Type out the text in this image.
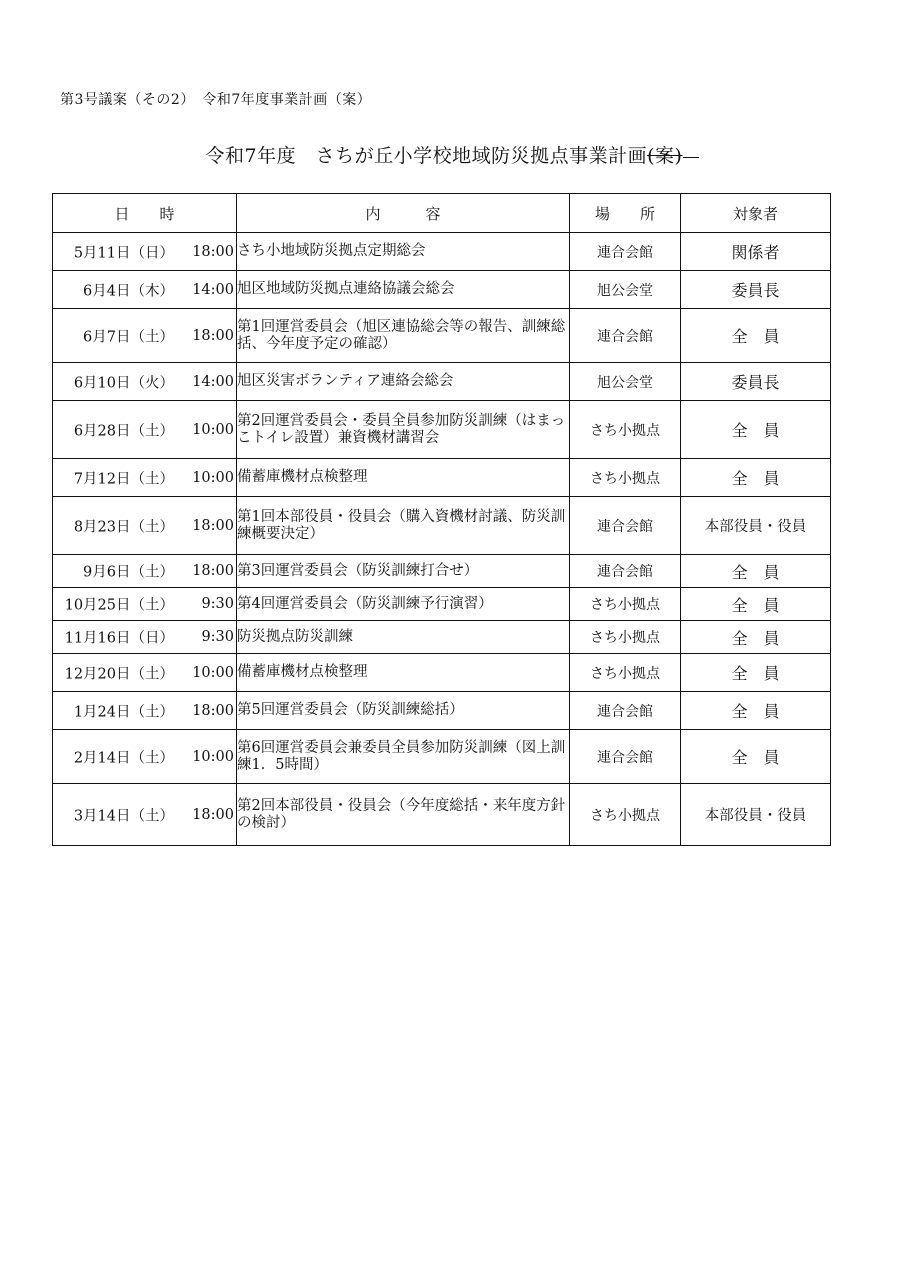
第3号議案（その2）　令和7年度事業計画（案）
令和7年度　さちが丘小学校地域防災拠点事業計画(案)
日　　時	内　　　容	場　　所	対象者

5月11日（日） 18:00	さち小地域防災拠点定期総会	連合会館	関係者

6月4日（木） 14:00	旭区地域防災拠点連絡協議会総会	旭公会堂	委員長

6月7日（土） 18:00	第1回運営委員会（旭区連協総会等の報告、訓練総括、今年度予定の確認）	連合会館	全　員

6月10日（火） 14:00	旭区災害ボランティア連絡会総会	旭公会堂	委員長

6月28日（土） 10:00	第2回運営委員会・委員全員参加防災訓練（はまっこトイレ設置）兼資機材講習会	さち小拠点	全　員

7月12日（土） 10:00	備蓄庫機材点検整理	さち小拠点	全　員

8月23日（土） 18:00	第1回本部役員・役員会（購入資機材討議、防災訓練概要決定）	連合会館	本部役員・役員

9月6日（土） 18:00	第3回運営委員会（防災訓練打合せ）	連合会館	全　員

10月25日（土） 9:30	第4回運営委員会（防災訓練予行演習）	さち小拠点	全　員

11月16日（日） 9:30	防災拠点防災訓練	さち小拠点	全　員

12月20日（土） 10:00	備蓄庫機材点検整理	さち小拠点	全　員

1月24日（土） 18:00	第5回運営委員会（防災訓練総括）	連合会館	全　員

2月14日（土） 10:00	第6回運営委員会兼委員全員参加防災訓練（図上訓練1．5時間）	連合会館	全　員

3月14日（土） 18:00	第2回本部役員・役員会（今年度総括・来年度方針の検討）	さち小拠点	本部役員・役員
